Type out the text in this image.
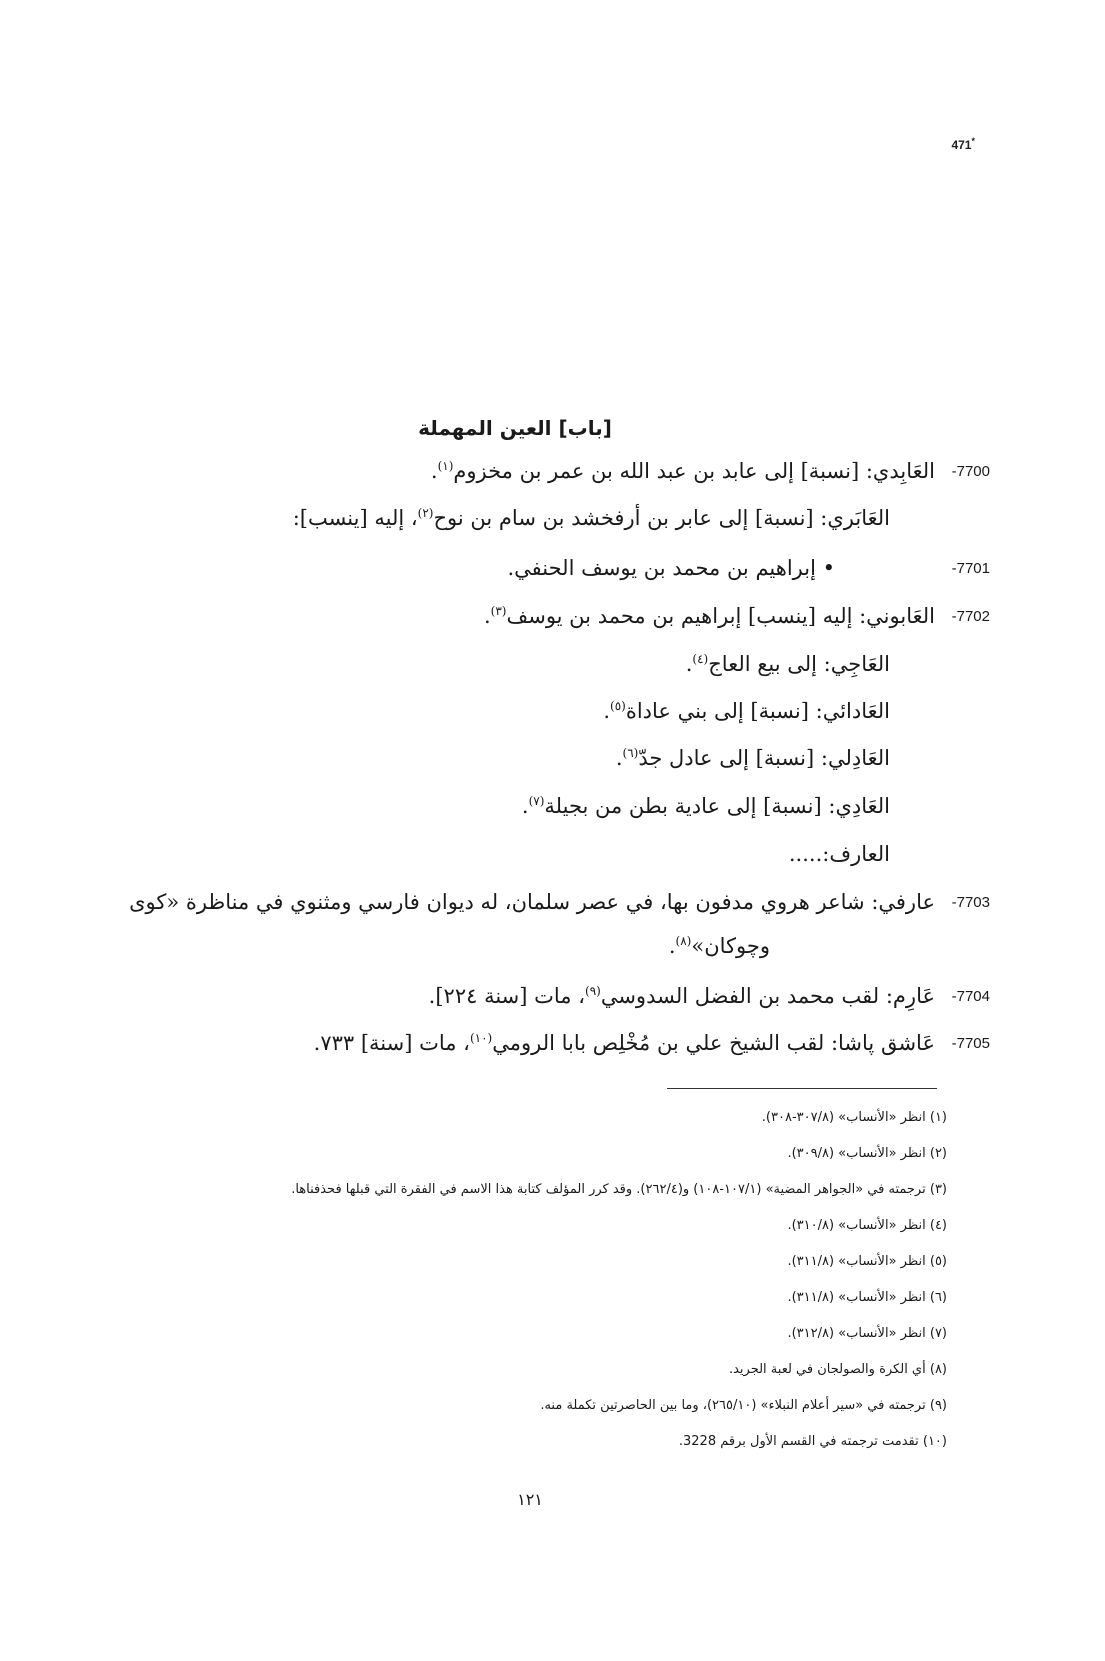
471*
[باب] العين المهملة
العَابِدي: [نسبة] إلى عابد بن عبد الله بن عمر بن مخزوم$^{(١)}$.	-7700
العَابَري: [نسبة] إلى عابر بن أرفخشد بن سام بن نوح$^{(٢)}$، إليه [ينسب]:
• إبراهيم بن محمد بن يوسف الحنفي.	-7701
العَابوني: إليه [ينسب] إبراهيم بن محمد بن يوسف$^{(٣)}$.	-7702
العَاجِي: إلى بيع العاج$^{(٤)}$.
العَادائي: [نسبة] إلى بني عاداة$^{(٥)}$.
العَادِلي: [نسبة] إلى عادل جدّ$^{(٦)}$.
العَادِي: [نسبة] إلى عادية بطن من بجيلة$^{(٧)}$.
العارف:.....
عارفي: شاعر هروي مدفون بها، في عصر سلمان، له ديوان فارسي ومثنوي في مناظرة «كوى -7703
وچوكان»$^{(٨)}$.
عَارِم: لقب محمد بن الفضل السدوسي$^{(٩)}$، مات [سنة ٢٢٤].	-7704
عَاشق پاشا: لقب الشيخ علي بن مُخْلِص بابا الرومي$^{(١٠)}$، مات [سنة] ٧٣٣.	-7705
(١) انظر «الأنساب» (٣٠٧/٨-٣٠٨).
(٢) انظر «الأنساب» (٣٠٩/٨).
(٣) ترجمته في «الجواهر المضية» (١٠٧/١-١٠٨) و(٢٦٢/٤). وقد كرر المؤلف كتابة هذا الاسم في الفقرة التي قبلها فحذفناها.
(٤) انظر «الأنساب» (٣١٠/٨).
(٥) انظر «الأنساب» (٣١١/٨).
(٦) انظر «الأنساب» (٣١١/٨).
(٧) انظر «الأنساب» (٣١٢/٨).
(٨) أي الكرة والصولجان في لعبة الجريد.
(٩) ترجمته في «سير أعلام النبلاء» (٢٦٥/١٠)، وما بين الحاصرتين تكملة منه.
(١٠) تقدمت ترجمته في القسم الأول برقم 3228.
١٢١
